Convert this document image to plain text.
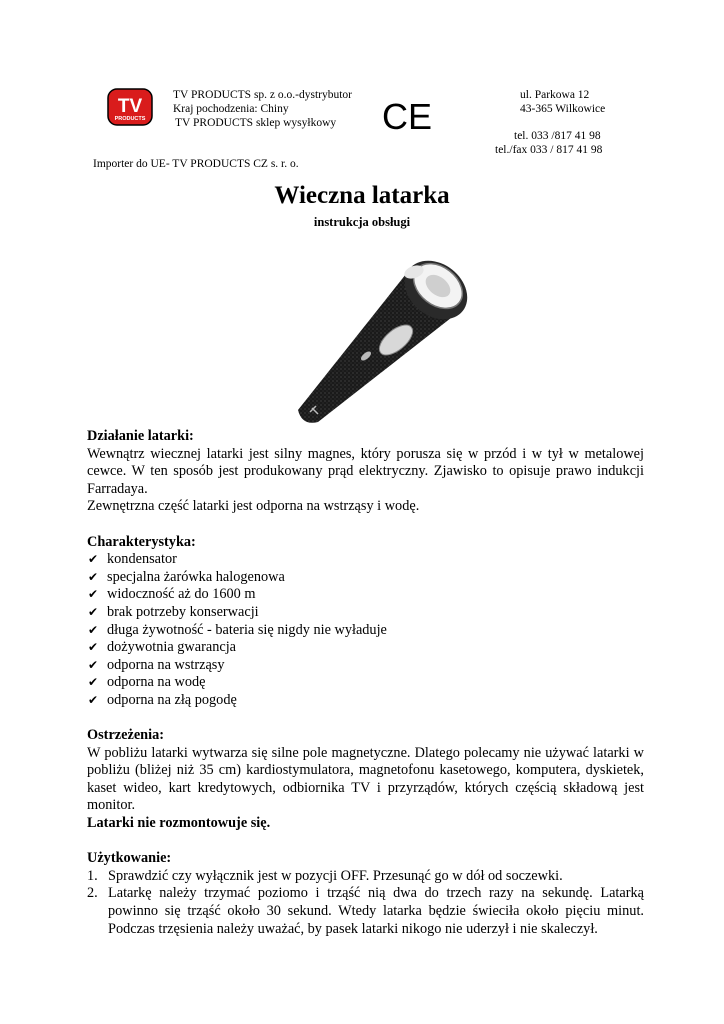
TV
PRODUCTS
TV PRODUCTS sp. z o.o.-dystrybutor
Kraj pochodzenia: Chiny
TV PRODUCTS sklep wysyłkowy CE
ul. Parkowa 12
43-365 Wilkowice
tel. 033 /817 41 98
tel./fax 033 / 817 41 98
Importer do UE- TV PRODUCTS CZ s. r. o.
Wieczna latarka
instrukcja obsługi

Działanie latarki:

Wewnątrz wiecznej latarki jest silny magnes, który porusza się w przód i w tył w metalowej cewce. W ten sposób jest produkowany prąd elektryczny. Zjawisko to opisuje prawo indukcji Farradaya.

Zewnętrzna część latarki jest odporna na wstrząsy i wodę.

Charakterystyka:

✔ kondensator
✔ specjalna żarówka halogenowa
✔ widoczność aż do 1600 m
✔ brak potrzeby konserwacji
✔ długa żywotność - bateria się nigdy nie wyładuje
✔ dożywotnia gwarancja
✔ odporna na wstrząsy
✔ odporna na wodę
✔ odporna na złą pogodę

Ostrzeżenia:

W pobliżu latarki wytwarza się silne pole magnetyczne. Dlatego polecamy nie używać latarki w pobliżu (bliżej niż 35 cm) kardiostymulatora, magnetofonu kasetowego, komputera, dyskietek, kaset wideo, kart kredytowych, odbiornika TV i przyrządów, których częścią składową jest monitor.

Latarki nie rozmontowuje się.

Użytkowanie:

1. Sprawdzić czy wyłącznik jest w pozycji OFF. Przesunąć go w dół od soczewki.
2. Latarkę należy trzymać poziomo i trząść nią dwa do trzech razy na sekundę. Latarką powinno się trząść około 30 sekund. Wtedy latarka będzie świeciła około pięciu minut. Podczas trzęsienia należy uważać, by pasek latarki nikogo nie uderzył i nie skaleczył.
